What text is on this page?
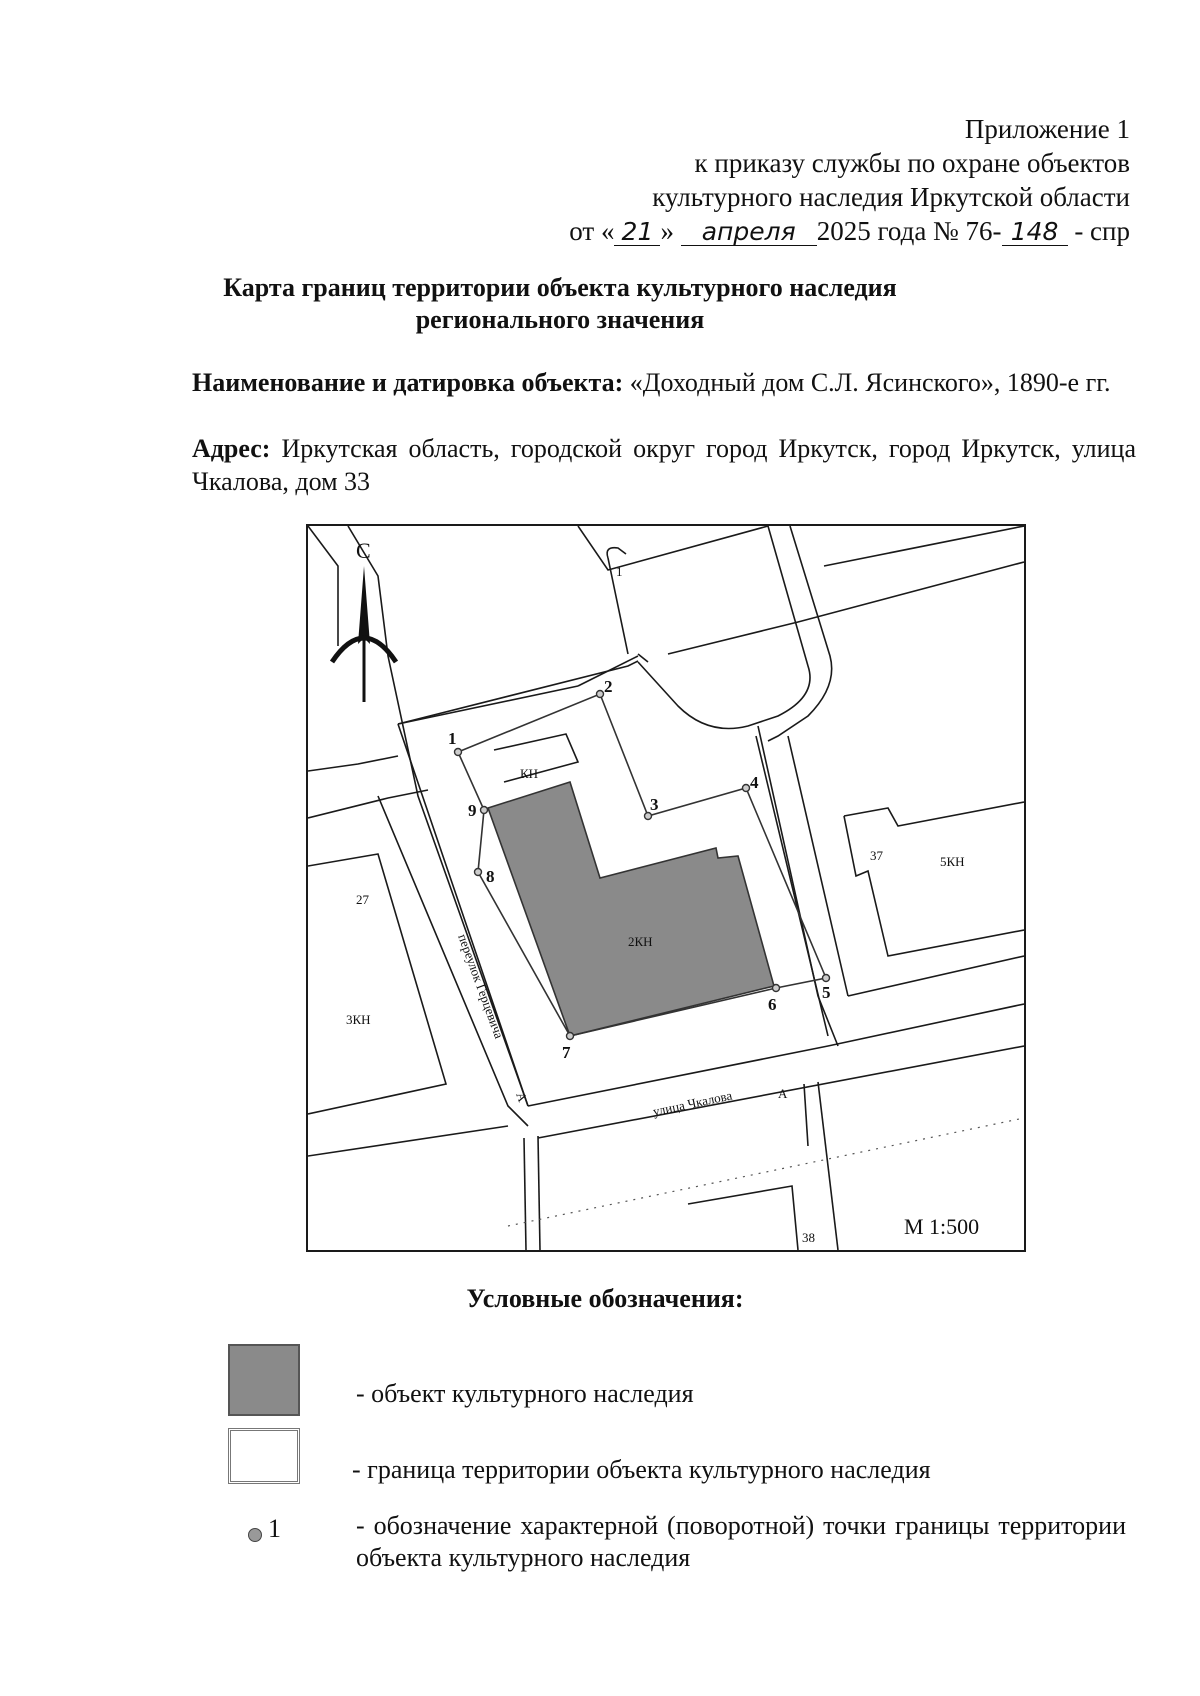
Приложение 1
к приказу службы по охране объектов
культурного наследия Иркутской области
от « 21 » апреля 2025 года № 76- 148 - спр
Карта границ территории объекта культурного наследия
регионального значения
Наименование и датировка объекта: «Доходный дом С.Л. Ясинского», 1890-е гг.
Адрес: Иркутская область, городской округ город Иркутск, город Иркутск, улица Чкалова, дом 33
1
2
3
4
5
6
7
8
9
С
1
КН
2КН
27
3КН
37	5КН
38
переулок Герцевича
улица Чкалова	А
А
М 1:500
Условные обозначения:
- объект культурного наследия
- граница территории объекта культурного наследия
1	- обозначение характерной (поворотной) точки границы территории объекта культурного наследия
